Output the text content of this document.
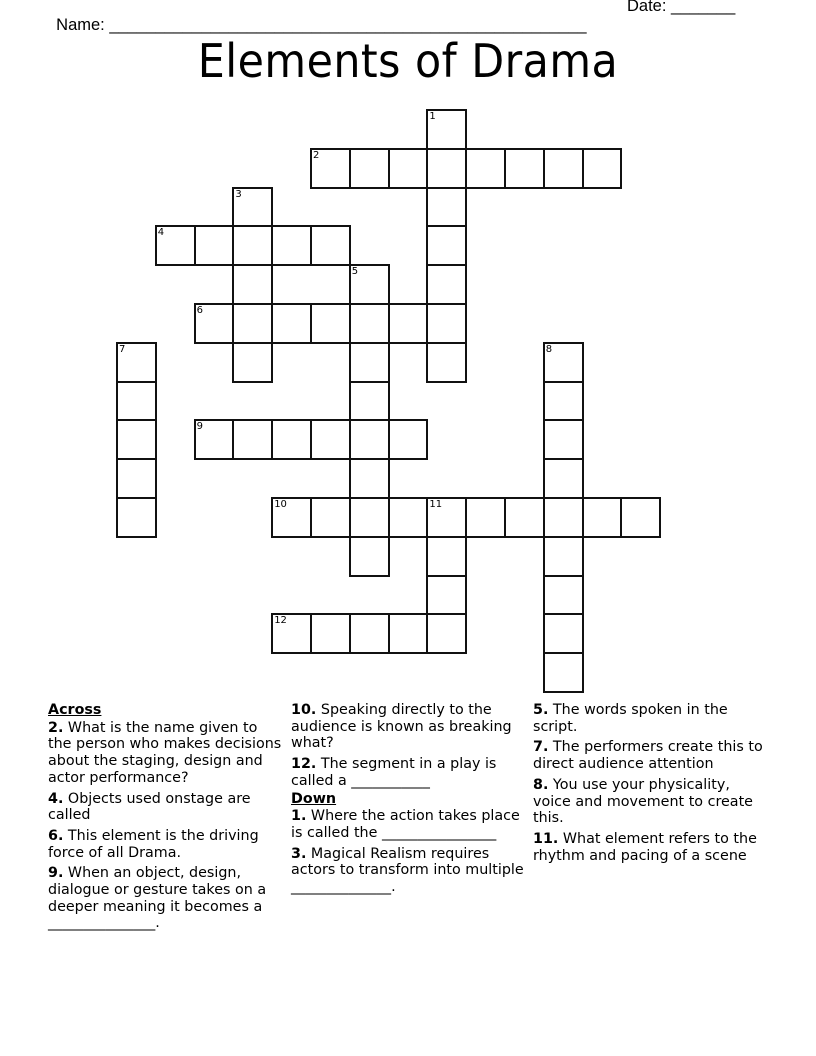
Name: ____________________________________________________

Date: _______

Elements of Drama
1
2
3
4
5
6
7	8
9
10	11
12
Across
2. What is the name given to the person who makes decisions about the staging, design and actor performance?
4. Objects used onstage are called
6. This element is the driving force of all Drama.
9. When an object, design, dialogue or gesture takes on a deeper meaning it becomes a _______________.
10. Speaking directly to the audience is known as breaking what?
12. The segment in a play is called a ___________
Down
1. Where the action takes place is called the ________________
3. Magical Realism requires actors to transform into multiple ______________.
5. The words spoken in the script.
7. The performers create this to direct audience attention
8. You use your physicality, voice and movement to create this.
11. What element refers to the rhythm and pacing of a scene
